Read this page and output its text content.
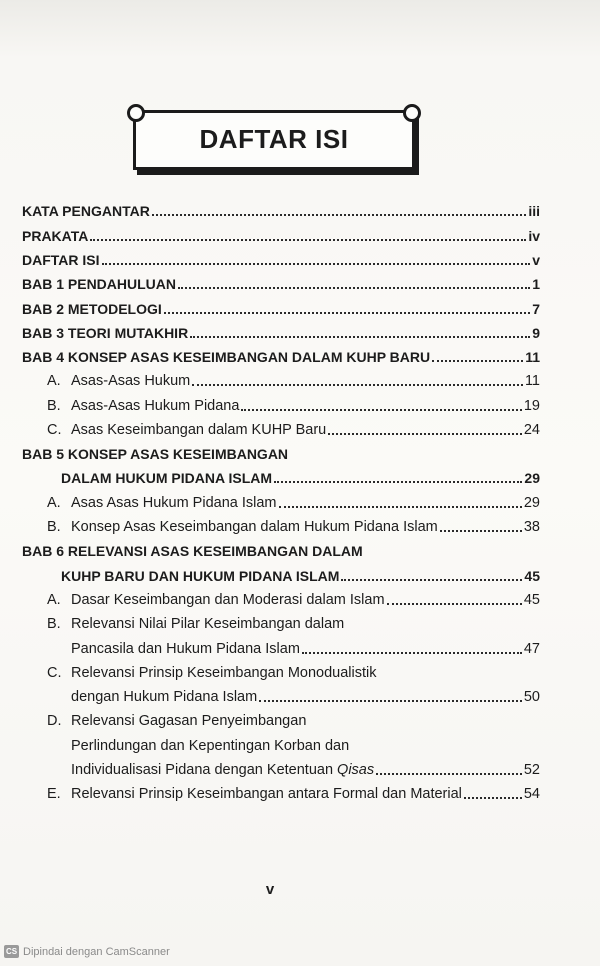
DAFTAR ISI
KATA PENGANTAR	iii
PRAKATA	iv
DAFTAR ISI	v
BAB 1 PENDAHULUAN	1
BAB 2 METODELOGI	7
BAB 3 TEORI MUTAKHIR	9
BAB 4 KONSEP ASAS KESEIMBANGAN DALAM KUHP BARU	11
A. Asas-Asas Hukum	11
B. Asas-Asas Hukum Pidana	19
C. Asas Keseimbangan dalam KUHP Baru	24
BAB 5 KONSEP ASAS KESEIMBANGAN
DALAM HUKUM PIDANA ISLAM	29
A. Asas Asas Hukum Pidana Islam	29
B. Konsep Asas Keseimbangan dalam Hukum Pidana Islam	38
BAB 6 RELEVANSI ASAS KESEIMBANGAN DALAM
KUHP BARU DAN HUKUM PIDANA ISLAM	45
A. Dasar Keseimbangan dan Moderasi dalam Islam	45
B. Relevansi Nilai Pilar Keseimbangan dalam
Pancasila dan Hukum Pidana Islam	47
C. Relevansi Prinsip Keseimbangan Monodualistik
dengan Hukum Pidana Islam	50
D. Relevansi Gagasan Penyeimbangan
Perlindungan dan Kepentingan Korban dan
Individualisasi Pidana dengan Ketentuan Qisas	52
E. Relevansi Prinsip Keseimbangan antara Formal dan Material	54
v
CS Dipindai dengan CamScanner
